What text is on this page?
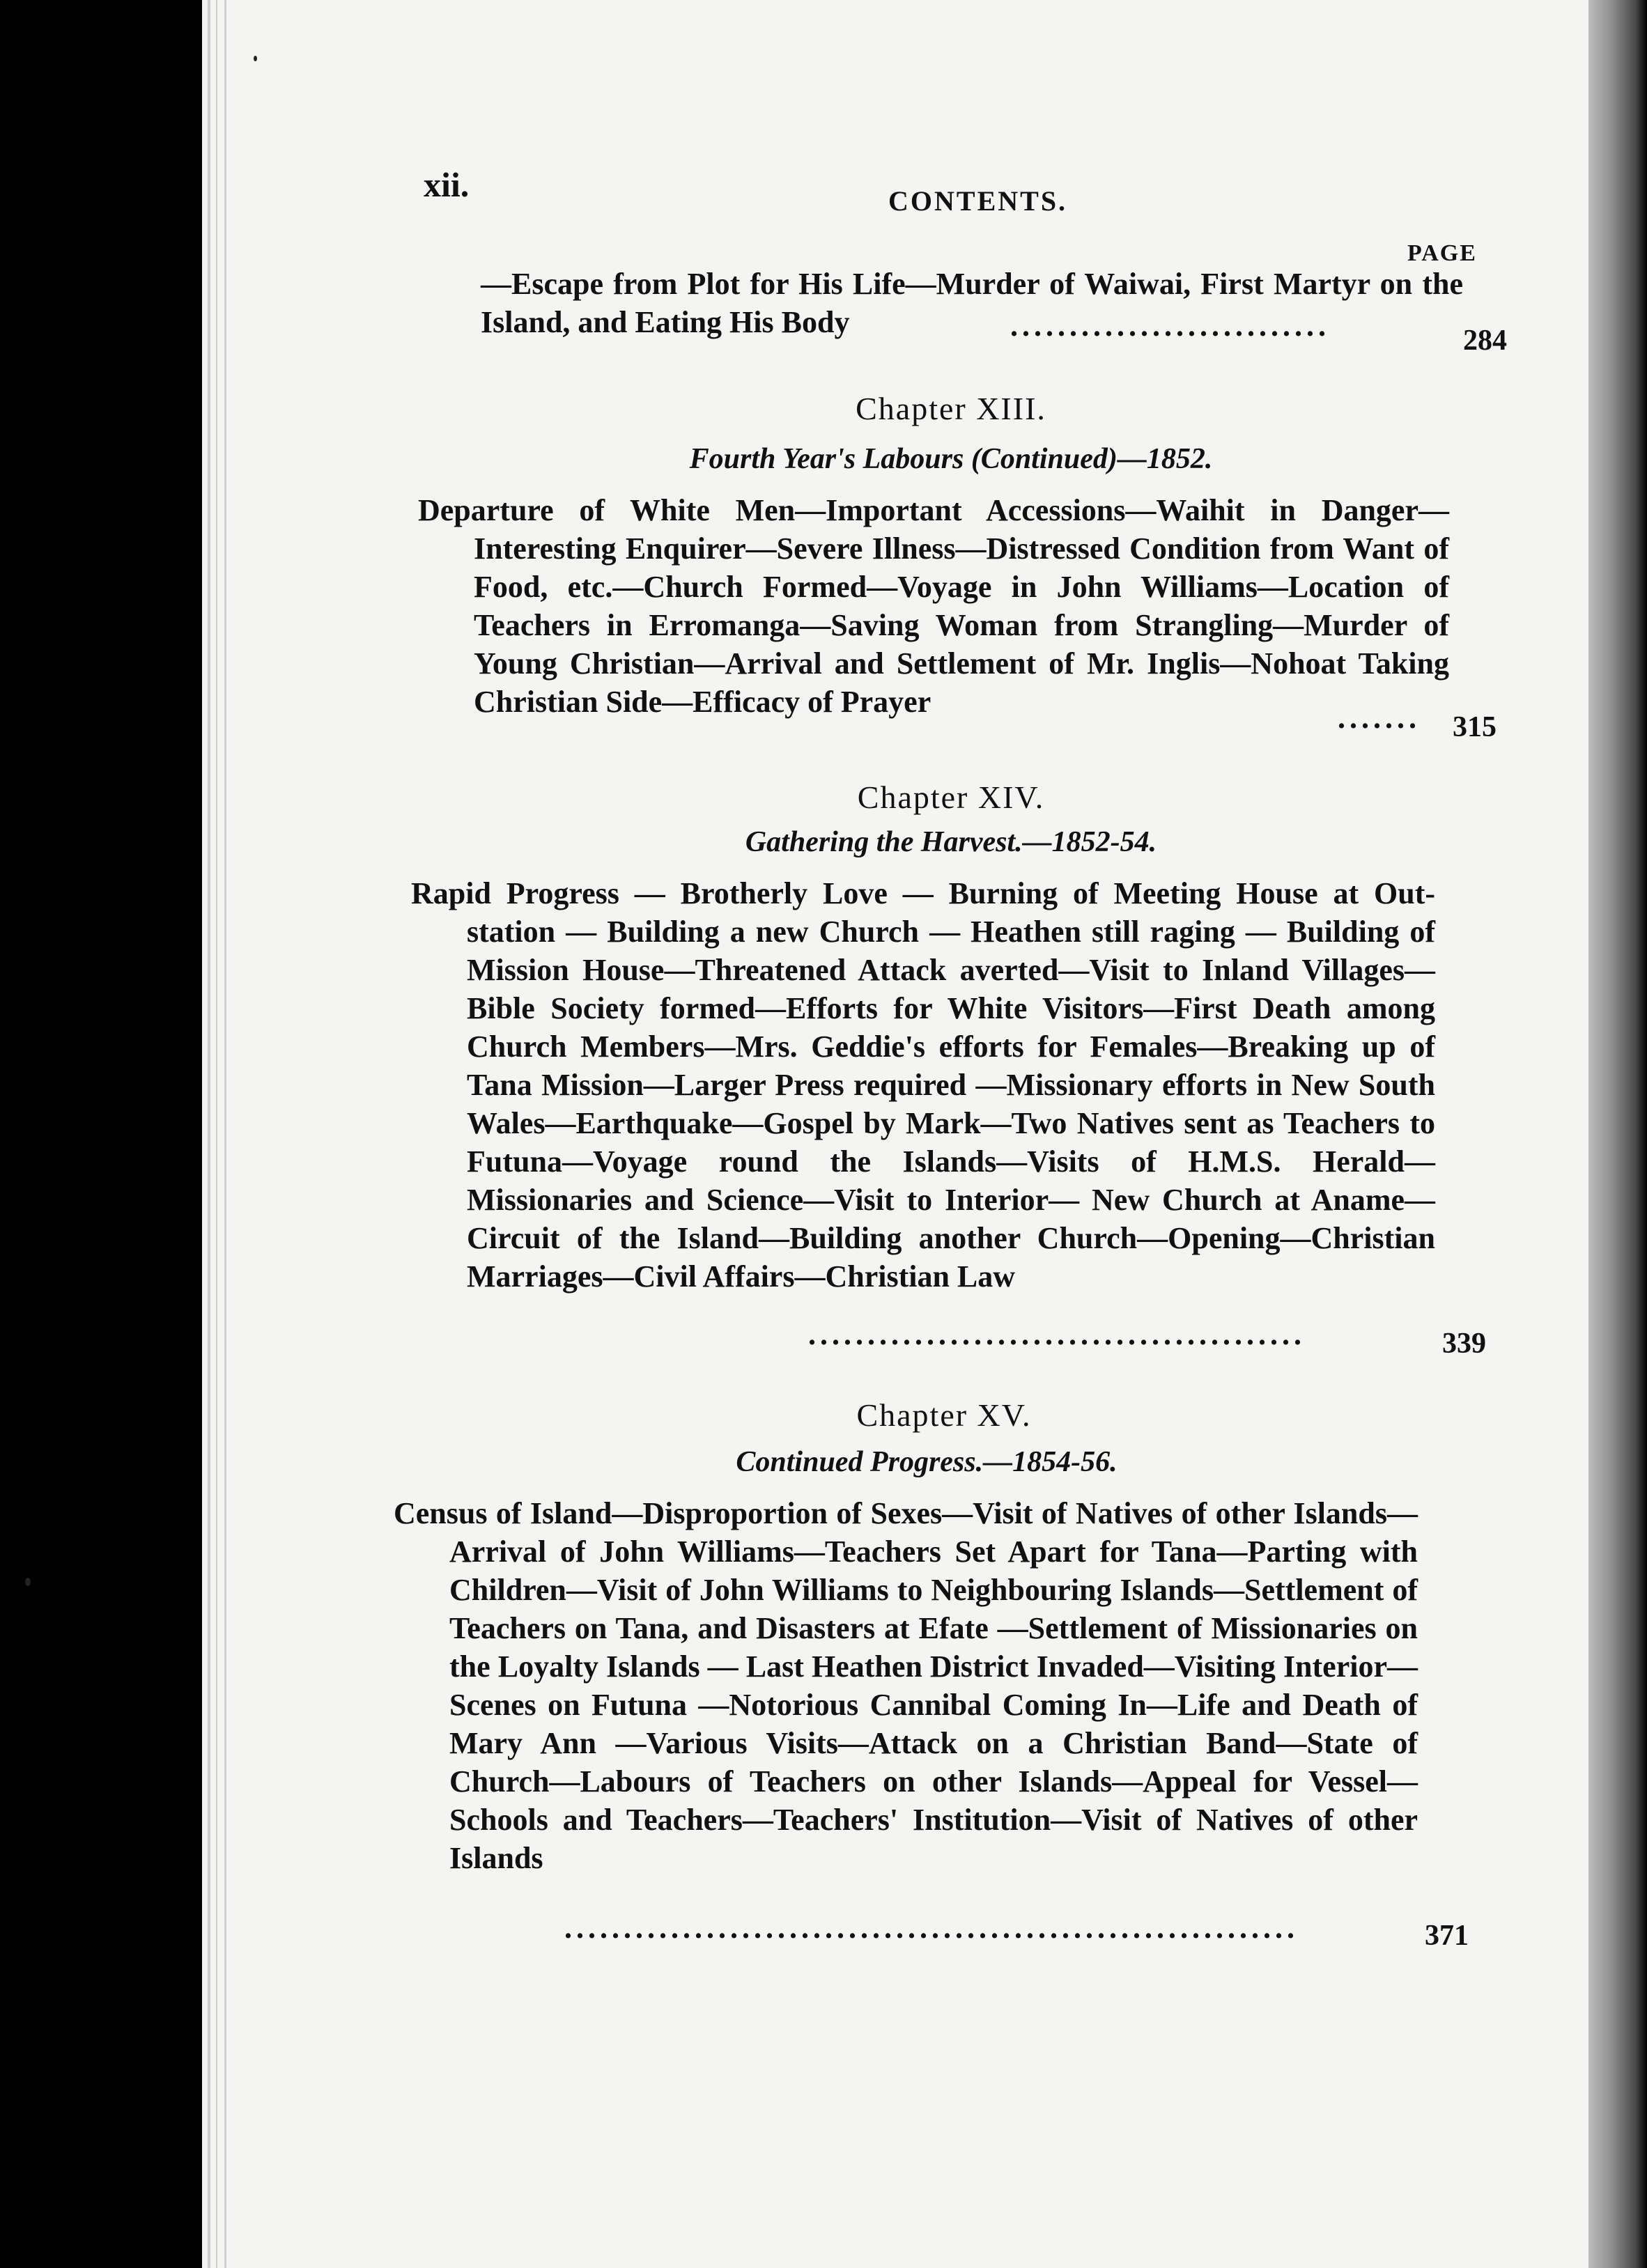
xii.	CONTENTS.
PAGE
—Escape from Plot for His Life—Murder of Waiwai, First Martyr on the Island, and Eating His Body	...........................	284
Chapter XIII.
Fourth Year's Labours (Continued)—1852.
Departure of White Men—Important Accessions—Waihit in Danger—Interesting Enquirer—Severe Illness—Distressed Condition from Want of Food, etc.—Church Formed—Voyage in John Williams—Location of Teachers in Erromanga—Saving Woman from Strangling—Murder of Young Christian—Arrival and Settlement of Mr. Inglis—Nohoat Taking Christian Side—Efficacy of Prayer	....... 315
Chapter XIV.
Gathering the Harvest.—1852-54.
Rapid Progress — Brotherly Love — Burning of Meeting House at Out-station — Building a new Church — Heathen still raging — Building of Mission House—Threatened Attack averted—Visit to Inland Villages—Bible Society formed—Efforts for White Visitors—First Death among Church Members—Mrs. Geddie's efforts for Females—Breaking up of Tana Mission—Larger Press required —Missionary efforts in New South Wales—Earthquake—Gospel by Mark—Two Natives sent as Teachers to Futuna—Voyage round the Islands—Visits of H.M.S. Herald—Missionaries and Science—Visit to Interior— New Church at Aname—Circuit of the Island—Building another Church—Opening—Christian Marriages—Civil Affairs—Christian Law
..........................................	339
Chapter XV.
Continued Progress.—1854-56.
Census of Island—Disproportion of Sexes—Visit of Natives of other Islands—Arrival of John Williams—Teachers Set Apart for Tana—Parting with Children—Visit of John Williams to Neighbouring Islands—Settlement of Teachers on Tana, and Disasters at Efate —Settlement of Missionaries on the Loyalty Islands — Last Heathen District Invaded—Visiting Interior—Scenes on Futuna —Notorious Cannibal Coming In—Life and Death of Mary Ann —Various Visits—Attack on a Christian Band—State of Church—Labours of Teachers on other Islands—Appeal for Vessel—Schools and Teachers—Teachers' Institution—Visit of Natives of other Islands
..............................................................	371
